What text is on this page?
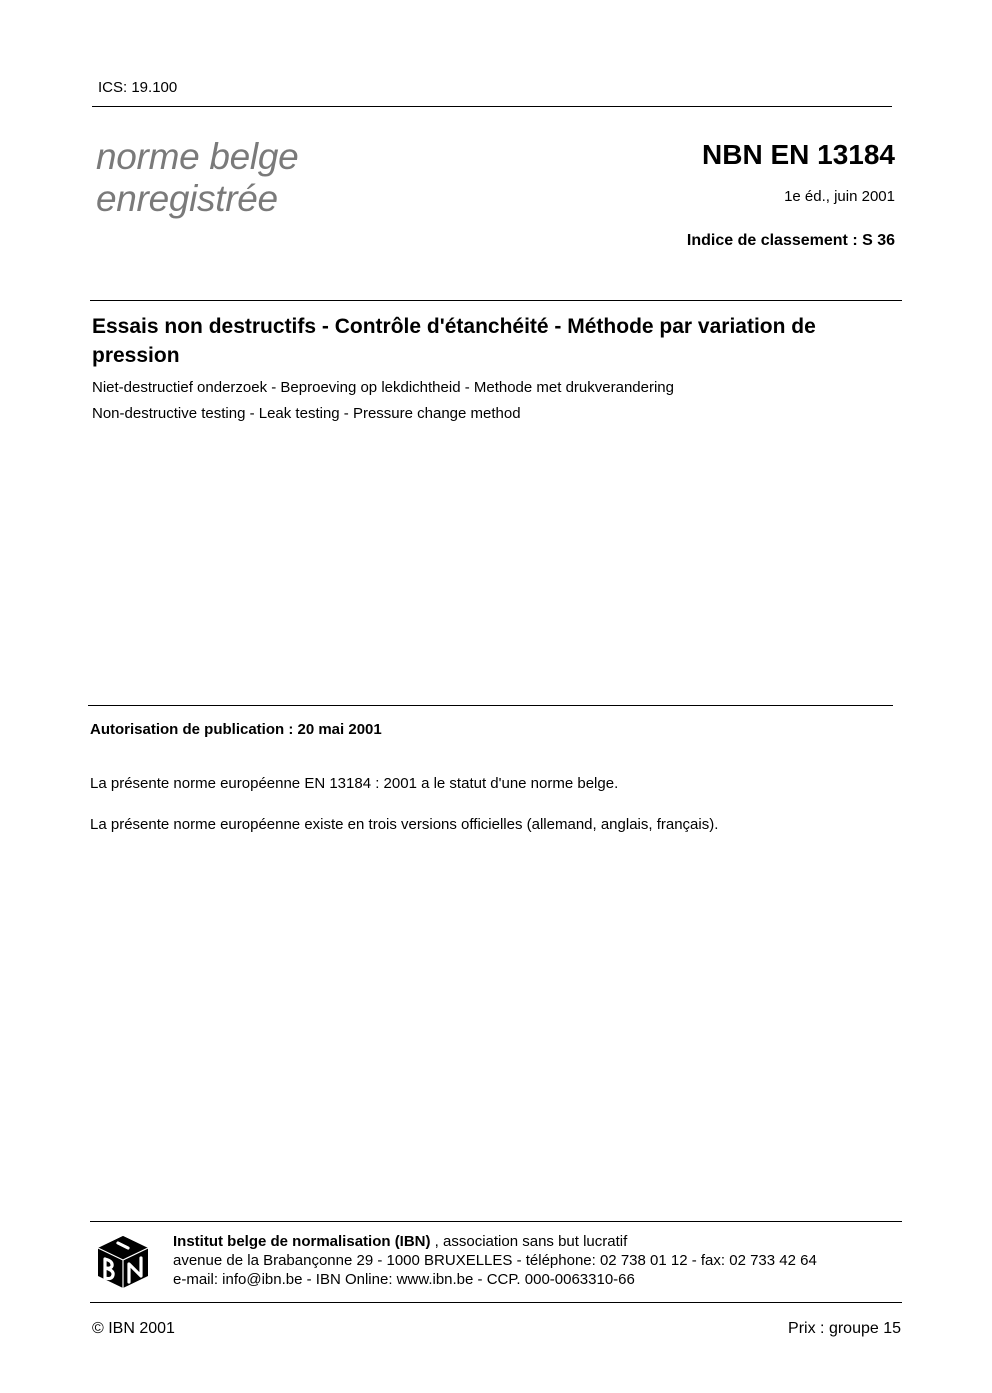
ICS: 19.100
norme belge
enregistrée
NBN EN 13184
1e éd., juin 2001
Indice de classement : S 36
Essais non destructifs - Contrôle d'étanchéité - Méthode par variation de pression
Niet-destructief onderzoek - Beproeving op lekdichtheid - Methode met drukverandering
Non-destructive testing - Leak testing - Pressure change method
Autorisation de publication : 20 mai 2001
La présente norme européenne EN 13184 : 2001 a le statut d'une norme belge.
La présente norme européenne existe en trois versions officielles (allemand, anglais, français).
Institut belge de normalisation (IBN) , association sans but lucratif
avenue de la Brabançonne 29 - 1000 BRUXELLES - téléphone: 02 738 01 12 - fax: 02 733 42 64
e-mail: info@ibn.be - IBN Online: www.ibn.be - CCP. 000-0063310-66
© IBN 2001	Prix : groupe 15
